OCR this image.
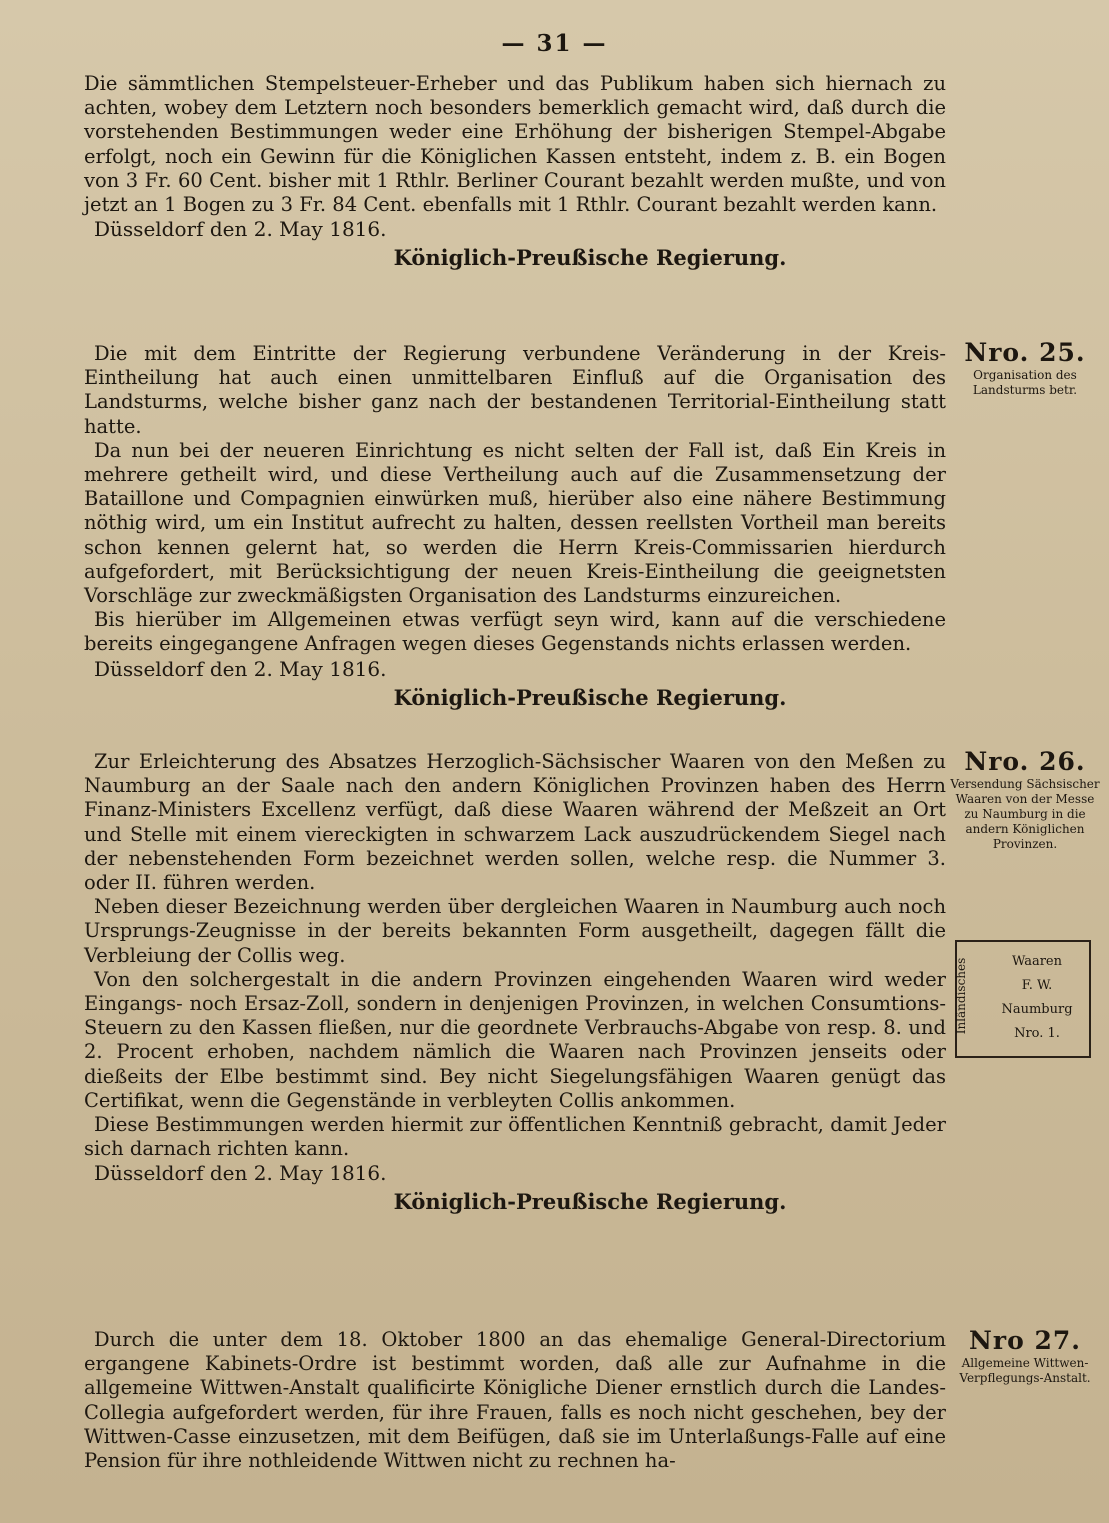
— 31 —

Die sämmtlichen Stempelsteuer-Erheber und das Publikum haben sich hiernach zu achten, wobey dem Letztern noch besonders bemerklich gemacht wird, daß durch die vorstehenden Bestimmungen weder eine Erhöhung der bisherigen Stempel-Abgabe erfolgt, noch ein Gewinn für die Königlichen Kassen entsteht, indem z. B. ein Bogen von 3 Fr. 60 Cent. bisher mit 1 Rthlr. Berliner Courant bezahlt werden mußte, und von jetzt an 1 Bogen zu 3 Fr. 84 Cent. ebenfalls mit 1 Rthlr. Courant bezahlt werden kann.

Düsseldorf den 2. May 1816.

Königlich-Preußische Regierung.

Die mit dem Eintritte der Regierung verbundene Veränderung in der Kreis-Eintheilung hat auch einen unmittelbaren Einfluß auf die Organisation des Landsturms, welche bisher ganz nach der bestandenen Territorial-Eintheilung statt hatte.

Da nun bei der neueren Einrichtung es nicht selten der Fall ist, daß Ein Kreis in mehrere getheilt wird, und diese Vertheilung auch auf die Zusammensetzung der Bataillone und Compagnien einwürken muß, hierüber also eine nähere Bestimmung nöthig wird, um ein Institut aufrecht zu halten, dessen reellsten Vortheil man bereits schon kennen gelernt hat, so werden die Herrn Kreis-Commissarien hierdurch aufgefordert, mit Berücksichtigung der neuen Kreis-Eintheilung die geeignetsten Vorschläge zur zweckmäßigsten Organisation des Landsturms einzureichen.

Bis hierüber im Allgemeinen etwas verfügt seyn wird, kann auf die verschiedene bereits eingegangene Anfragen wegen dieses Gegenstands nichts erlassen werden.

Düsseldorf den 2. May 1816.

Königlich-Preußische Regierung.

Zur Erleichterung des Absatzes Herzoglich-Sächsischer Waaren von den Meßen zu Naumburg an der Saale nach den andern Königlichen Provinzen haben des Herrn Finanz-Ministers Excellenz verfügt, daß diese Waaren während der Meßzeit an Ort und Stelle mit einem viereckigten in schwarzem Lack auszudrückendem Siegel nach der nebenstehenden Form bezeichnet werden sollen, welche resp. die Nummer 3. oder II. führen werden.

Neben dieser Bezeichnung werden über dergleichen Waaren in Naumburg auch noch Ursprungs-Zeugnisse in der bereits bekannten Form ausgetheilt, dagegen fällt die Verbleiung der Collis weg.

Von den solchergestalt in die andern Provinzen eingehenden Waaren wird weder Eingangs- noch Ersaz-Zoll, sondern in denjenigen Provinzen, in welchen Consumtions-Steuern zu den Kassen fließen, nur die geordnete Verbrauchs-Abgabe von resp. 8. und 2. Procent erhoben, nachdem nämlich die Waaren nach Provinzen jenseits oder dießeits der Elbe bestimmt sind. Bey nicht Siegelungsfähigen Waaren genügt das Certifikat, wenn die Gegenstände in verbleyten Collis ankommen.

Diese Bestimmungen werden hiermit zur öffentlichen Kenntniß gebracht, damit Jeder sich darnach richten kann.

Düsseldorf den 2. May 1816.

Königlich-Preußische Regierung.

Durch die unter dem 18. Oktober 1800 an das ehemalige General-Directorium ergangene Kabinets-Ordre ist bestimmt worden, daß alle zur Aufnahme in die allgemeine Wittwen-Anstalt qualificirte Königliche Diener ernstlich durch die Landes-Collegia aufgefordert werden, für ihre Frauen, falls es noch nicht geschehen, bey der Wittwen-Casse einzusetzen, mit dem Beifügen, daß sie im Unterlaßungs-Falle auf eine Pension für ihre nothleidende Wittwen nicht zu rechnen ha-

Nro. 25.
Organisation des Landsturms betr.
Nro. 26.
Versendung Sächsischer Waaren von der Messe zu Naumburg in die andern Königlichen Provinzen.
Inländisches	Waaren
F. W.
Naumburg
Nro. 1.
Nro 27.
Allgemeine Wittwen-Verpflegungs-Anstalt.
